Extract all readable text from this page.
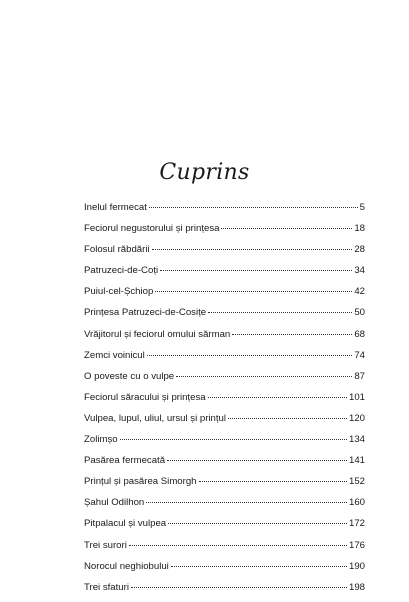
Cuprins
Inelul fermecat	5
Feciorul negustorului și prințesa	18
Folosul răbdării	28
Patruzeci-de-Coți	34
Puiul-cel-Șchiop	42
Prințesa Patruzeci-de-Cosițe	50
Vrăjitorul și feciorul omului sărman	68
Zemci voinicul	74
O poveste cu o vulpe	87
Feciorul săracului și prințesa	101
Vulpea, lupul, uliul, ursul și prințul	120
Zolimșo	134
Pasărea fermecată	141
Prințul și pasărea Simorgh	152
Șahul Odilhon	160
Pitpalacul și vulpea	172
Trei surori	176
Norocul neghiobului	190
Trei sfaturi	198
